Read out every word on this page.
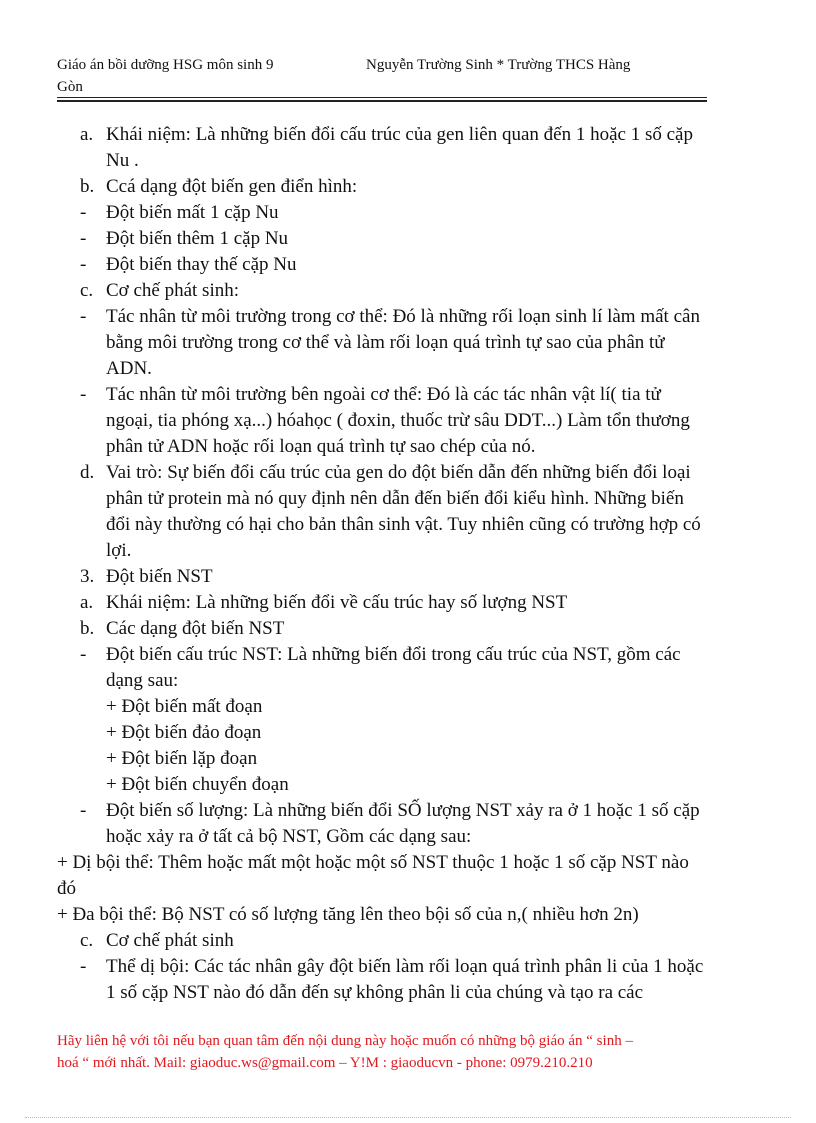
Giáo án bồi dưỡng HSG môn sinh 9	Nguyễn Trường Sinh * Trường THCS Hàng
Gòn
a. Khái niệm: Là những biến đổi cấu trúc của gen liên quan đến 1 hoặc 1 số cặp Nu .
b. Ccá dạng đột biến gen điển hình:
- Đột biến mất 1 cặp Nu
- Đột biến thêm 1 cặp Nu
- Đột biến thay thế cặp Nu
c. Cơ chế phát sinh:
- Tác nhân từ môi trường trong cơ thể: Đó là những rối loạn sinh lí làm mất cân bằng môi trường trong cơ thể và làm rối loạn quá trình tự sao của phân tử ADN.
- Tác nhân từ môi trường bên ngoài cơ thể: Đó là các tác nhân vật lí( tia tử ngoại, tia phóng xạ...) hóahọc ( đoxin, thuốc trừ sâu DDT...) Làm tổn thương phân tử ADN hoặc rối loạn quá trình tự sao chép của nó.
d. Vai trò: Sự biến đổi cấu trúc của gen do đột biến dẫn đến những biến đổi loại phân tử protein mà nó quy định nên dẫn đến biến đổi kiểu hình. Những biến đổi này thường có hại cho bản thân sinh vật. Tuy nhiên cũng có trường hợp có lợi.
3. Đột biến NST
a. Khái niệm: Là những biến đổi về cấu trúc hay số lượng NST
b. Các dạng đột biến NST
- Đột biến cấu trúc NST: Là những biến đổi trong cấu trúc của NST, gồm các dạng sau:
+ Đột biến mất đoạn
+ Đột biến đảo đoạn
+ Đột biến lặp đoạn
+ Đột biến chuyển đoạn
- Đột biến số lượng: Là những biến đổi SỐ lượng NST xảy ra ở 1 hoặc 1 số cặp hoặc xảy ra ở tất cả bộ NST, Gồm các dạng sau:
+ Dị bội thể: Thêm hoặc mất một hoặc một số NST thuộc 1 hoặc 1 số cặp NST nào đó
+ Đa bội thể: Bộ NST có số lượng tăng lên theo bội số của n,( nhiều hơn 2n)
c. Cơ chế phát sinh
- Thể dị bội: Các tác nhân gây đột biến làm rối loạn quá trình phân li của 1 hoặc 1 số cặp NST nào đó dẫn đến sự không phân li của chúng và tạo ra các
Hãy liên hệ với tôi nếu bạn quan tâm đến nội dung này hoặc muốn có những bộ giáo án “ sinh –
hoá “ mới nhất. Mail: giaoduc.ws@gmail.com – Y!M : giaoducvn - phone: 0979.210.210
